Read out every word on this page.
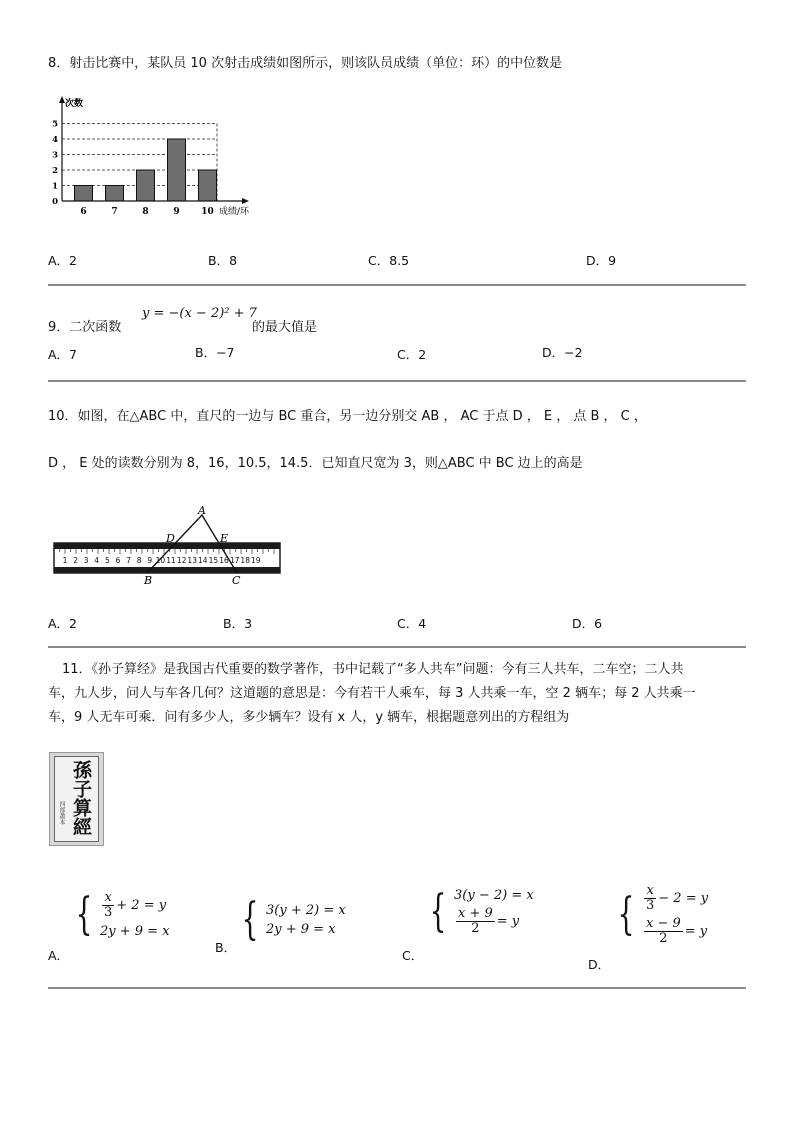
8．射击比赛中，某队员 10 次射击成绩如图所示，则该队员成绩（单位：环）的中位数是
6	7	8	9 10
0
1
2
3
4
5
次数
成绩/环
A．2	B．8	C．8.5	D．9
9．二次函数
y = −(x − 2)² + 7
的最大值是
A．7	B．−7	C．2	D．−2
10．如图，在△ABC 中，直尺的一边与 BC 重合，另一边分别交 AB ， AC 于点 D ， E ， 点 B ， C ，
D ， E 处的读数分别为 8，16，10.5，14.5．已知直尺宽为 3，则△ABC 中 BC 边上的高是
1 2 3 4 5 6 7 8 9 10 11 12 13 14 15 16 17 18 19
A
D	E
B	C
A．2	B．3	C．4	D．6
11．《孙子算经》是我国古代重要的数学著作，书中记载了“多人共车”问题：今有三人共车，二车空；二人共
车，九人步，问人与车各几何？这道题的意思是：今有若干人乘车，每 3 人共乘一车，空 2 辆车；每 2 人共乘一
车，9 人无车可乘．问有多少人，多少辆车？设有 x 人，y 辆车，根据题意列出的方程组为
孫子算經
四部叢本
A．
{ $\frac{x}{3} + 2 = y$
2y + 9 = x
B．
{ 3(y + 2) = x
2y + 9 = x
C．
{ 3(y − 2) = x
$\frac{x + 9}{2} = y$
D．
{ $\frac{x}{3} - 2 = y$
$\frac{x - 9}{2} = y$
